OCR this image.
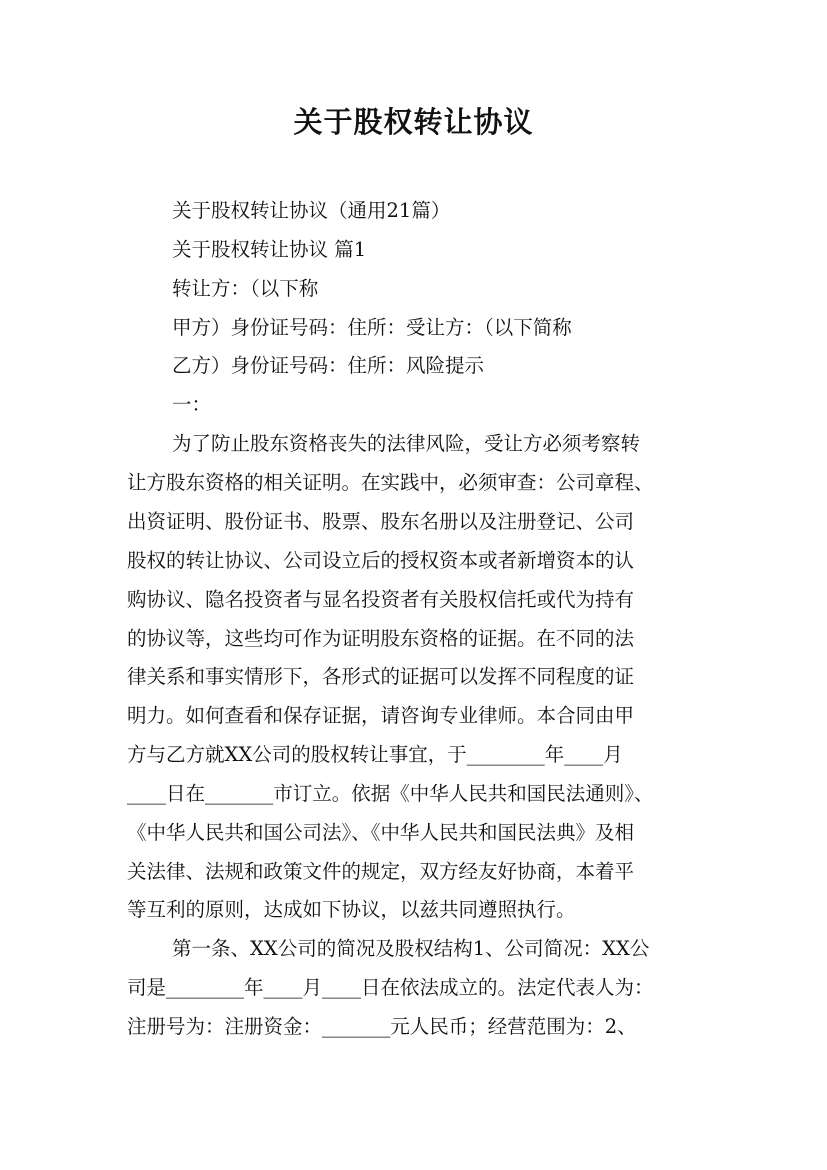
关于股权转让协议
关于股权转让协议（通用21篇）
关于股权转让协议 篇1
转让方：（以下称
甲方）身份证号码：住所：受让方：（以下简称
乙方）身份证号码：住所：风险提示
一：
为了防止股东资格丧失的法律风险，受让方必须考察转
让方股东资格的相关证明。在实践中，必须审查：公司章程、
出资证明、股份证书、股票、股东名册以及注册登记、公司
股权的转让协议、公司设立后的授权资本或者新增资本的认
购协议、隐名投资者与显名投资者有关股权信托或代为持有
的协议等，这些均可作为证明股东资格的证据。在不同的法
律关系和事实情形下，各形式的证据可以发挥不同程度的证
明力。如何查看和保存证据，请咨询专业律师。本合同由甲
方与乙方就XX公司的股权转让事宜，于________年____月
____日在_______市订立。依据《中华人民共和国民法通则》、
《中华人民共和国公司法》、《中华人民共和国民法典》及相
关法律、法规和政策文件的规定，双方经友好协商，本着平
等互利的原则，达成如下协议，以兹共同遵照执行。
第一条、XX公司的简况及股权结构1、公司简况：XX公
司是________年____月____日在依法成立的。法定代表人为：
注册号为：注册资金：_______元人民币；经营范围为：2、
